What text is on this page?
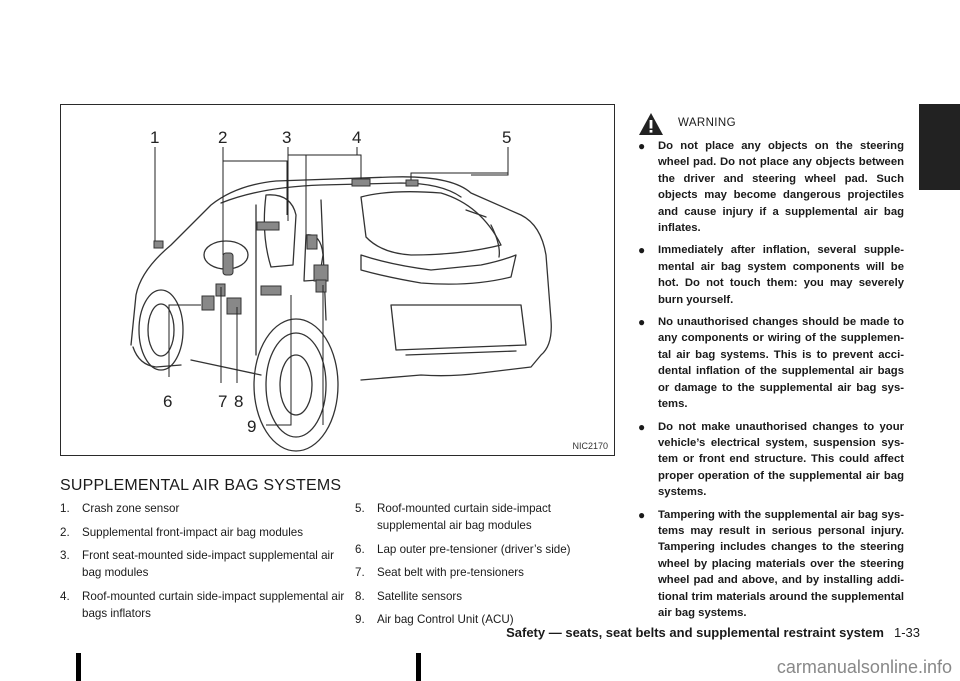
1	2	3	4	5
6	7 8
9
NIC2170
SUPPLEMENTAL AIR BAG SYSTEMS
1. Crash zone sensor
2. Supplemental front-impact air bag modules
3. Front seat-mounted side-impact supplemental air bag modules
4. Roof-mounted curtain side-impact supplemental air bags inflators
5. Roof-mounted curtain side-impact supplemental air bag modules
6. Lap outer pre-tensioner (driver’s side)
7. Seat belt with pre-tensioners
8. Satellite sensors
9. Air bag Control Unit (ACU)
WARNING
● Do not place any objects on the steering wheel pad. Do not place any objects between the driver and steering wheel pad. Such objects may become dangerous projectiles and cause injury if a supplemental air bag inflates.
● Immediately after inflation, several supple-mental air bag system components will be hot. Do not touch them: you may severely burn yourself.
● No unauthorised changes should be made to any components or wiring of the supplemen-tal air bag systems. This is to prevent acci-dental inflation of the supplemental air bags or damage to the supplemental air bag sys-tems.
● Do not make unauthorised changes to your vehicle’s electrical system, suspension sys-tem or front end structure. This could affect proper operation of the supplemental air bag systems.
● Tampering with the supplemental air bag sys-tems may result in serious personal injury. Tampering includes changes to the steering wheel by placing materials over the steering wheel pad and above, and by installing addi-tional trim materials around the supplemental air bag systems.
Safety — seats, seat belts and supplemental restraint system 1-33
carmanualsonline.info
